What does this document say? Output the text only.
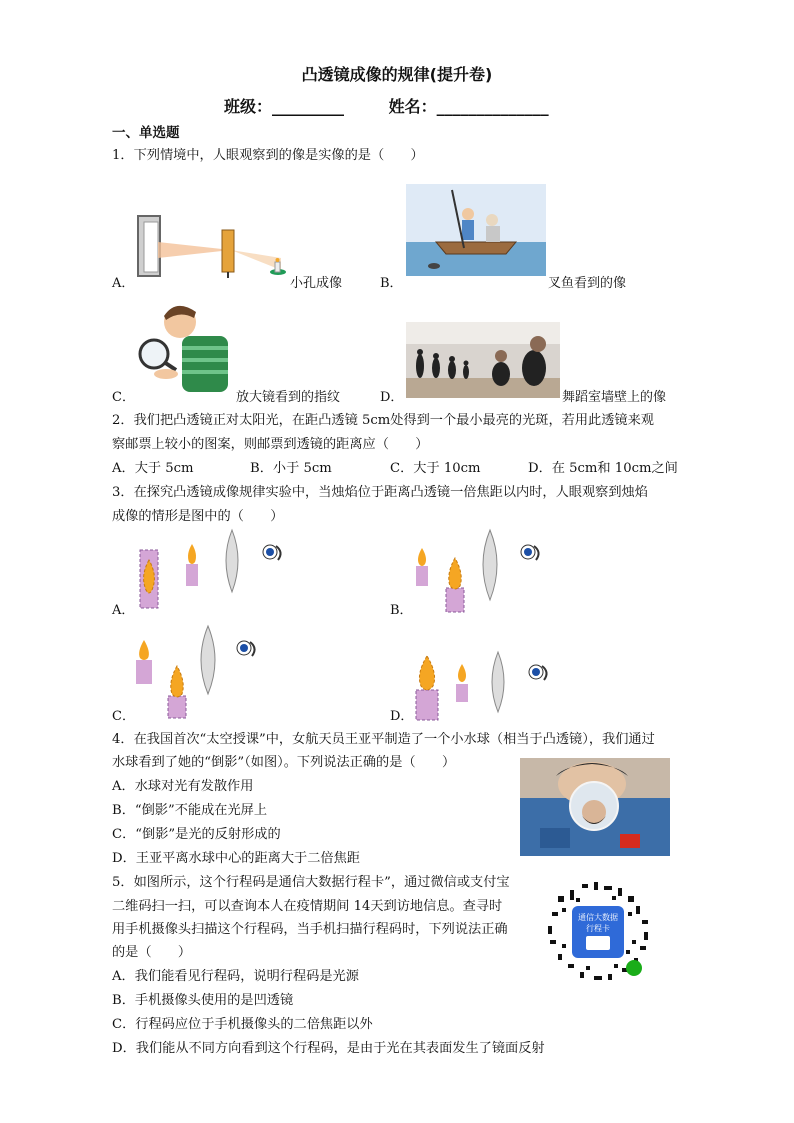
凸透镜成像的规律(提升卷)
班级：_________        姓名：______________
一、单选题
1．下列情境中，人眼观察到的像是实像的是（　　）
A．	小孔成像	B．	叉鱼看到的像
C．	放大镜看到的指纹	D．	舞蹈室墙壁上的像
2．我们把凸透镜正对太阳光，在距凸透镜 5cm处得到一个最小最亮的光斑，若用此透镜来观
察邮票上较小的图案，则邮票到透镜的距离应（　　）
A．大于 5cm	B．小于 5cm	C．大于 10cm	D．在 5cm和 10cm之间
3．在探究凸透镜成像规律实验中，当烛焰位于距离凸透镜一倍焦距以内时，人眼观察到烛焰
成像的情形是图中的（　　）
A．	B．
C．	D．
4．在我国首次“太空授课”中，女航天员王亚平制造了一个小水球（相当于凸透镜），我们通过
水球看到了她的“倒影”（如图）。下列说法正确的是（　　）
A．水球对光有发散作用
B．“倒影”不能成在光屏上
C．“倒影”是光的反射形成的
D．王亚平离水球中心的距离大于二倍焦距
5．如图所示，这个行程码是通信大数据行程卡”，通过微信或支付宝
二维码扫一扫，可以查询本人在疫情期间 14天到访地信息。查寻时
用手机摄像头扫描这个行程码，当手机扫描行程码时，下列说法正确
的是（　　）
A．我们能看见行程码，说明行程码是光源
B．手机摄像头使用的是凹透镜
C．行程码应位于手机摄像头的二倍焦距以外
D．我们能从不同方向看到这个行程码，是由于光在其表面发生了镜面反射
通信大数据
行程卡
